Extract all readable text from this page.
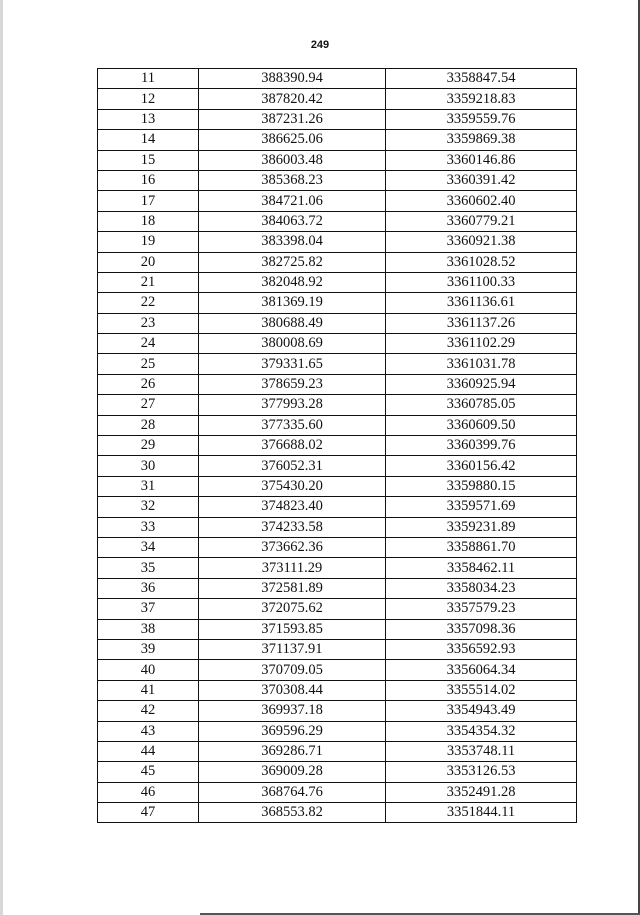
249
11	388390.94	3358847.54
12	387820.42	3359218.83
13	387231.26	3359559.76
14	386625.06	3359869.38
15	386003.48	3360146.86
16	385368.23	3360391.42
17	384721.06	3360602.40
18	384063.72	3360779.21
19	383398.04	3360921.38
20	382725.82	3361028.52
21	382048.92	3361100.33
22	381369.19	3361136.61
23	380688.49	3361137.26
24	380008.69	3361102.29
25	379331.65	3361031.78
26	378659.23	3360925.94
27	377993.28	3360785.05
28	377335.60	3360609.50
29	376688.02	3360399.76
30	376052.31	3360156.42
31	375430.20	3359880.15
32	374823.40	3359571.69
33	374233.58	3359231.89
34	373662.36	3358861.70
35	373111.29	3358462.11
36	372581.89	3358034.23
37	372075.62	3357579.23
38	371593.85	3357098.36
39	371137.91	3356592.93
40	370709.05	3356064.34
41	370308.44	3355514.02
42	369937.18	3354943.49
43	369596.29	3354354.32
44	369286.71	3353748.11
45	369009.28	3353126.53
46	368764.76	3352491.28
47	368553.82	3351844.11
